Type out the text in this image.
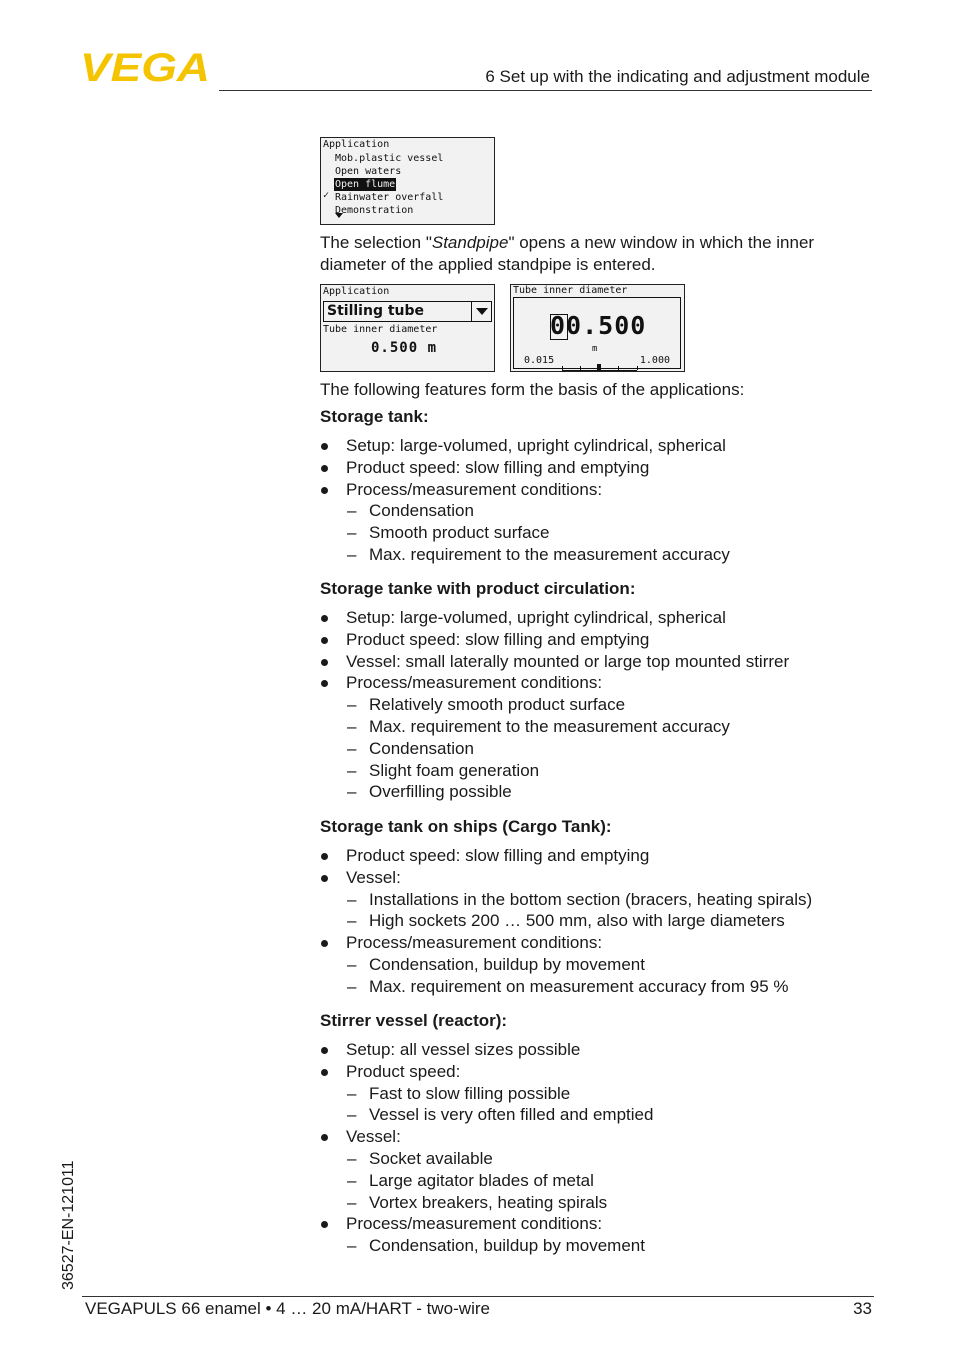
VEGA	6 Set up with the indicating and adjustment module
Application
✓
Mob.plastic vessel
Open waters
Open flume
Rainwater overfall
Demonstration
The selection "Standpipe" opens a new window in which the inner diameter of the applied standpipe is entered.
Application
Stilling tube
Tube inner diameter
0.500 m
Tube inner diameter
00.500
m
0.015	1.000
The following features form the basis of the applications:
Storage tank:
Setup: large-volumed, upright cylindrical, spherical
Product speed: slow filling and emptying
Process/measurement conditions:
– Condensation
– Smooth product surface
– Max. requirement to the measurement accuracy
Storage tanke with product circulation:
Setup: large-volumed, upright cylindrical, spherical
Product speed: slow filling and emptying
Vessel: small laterally mounted or large top mounted stirrer
Process/measurement conditions:
– Relatively smooth product surface
– Max. requirement to the measurement accuracy
– Condensation
– Slight foam generation
– Overfilling possible
Storage tank on ships (Cargo Tank):
Product speed: slow filling and emptying
Vessel:
– Installations in the bottom section (bracers, heating spirals)
– High sockets 200 … 500 mm, also with large diameters
Process/measurement conditions:
– Condensation, buildup by movement
– Max. requirement on measurement accuracy from 95 %
Stirrer vessel (reactor):
Setup: all vessel sizes possible
Product speed:
– Fast to slow filling possible
– Vessel is very often filled and emptied
Vessel:
– Socket available
– Large agitator blades of metal
– Vortex breakers, heating spirals
Process/measurement conditions:
– Condensation, buildup by movement
36527-EN-121011
VEGAPULS 66 enamel • 4 … 20 mA/HART - two-wire	33
